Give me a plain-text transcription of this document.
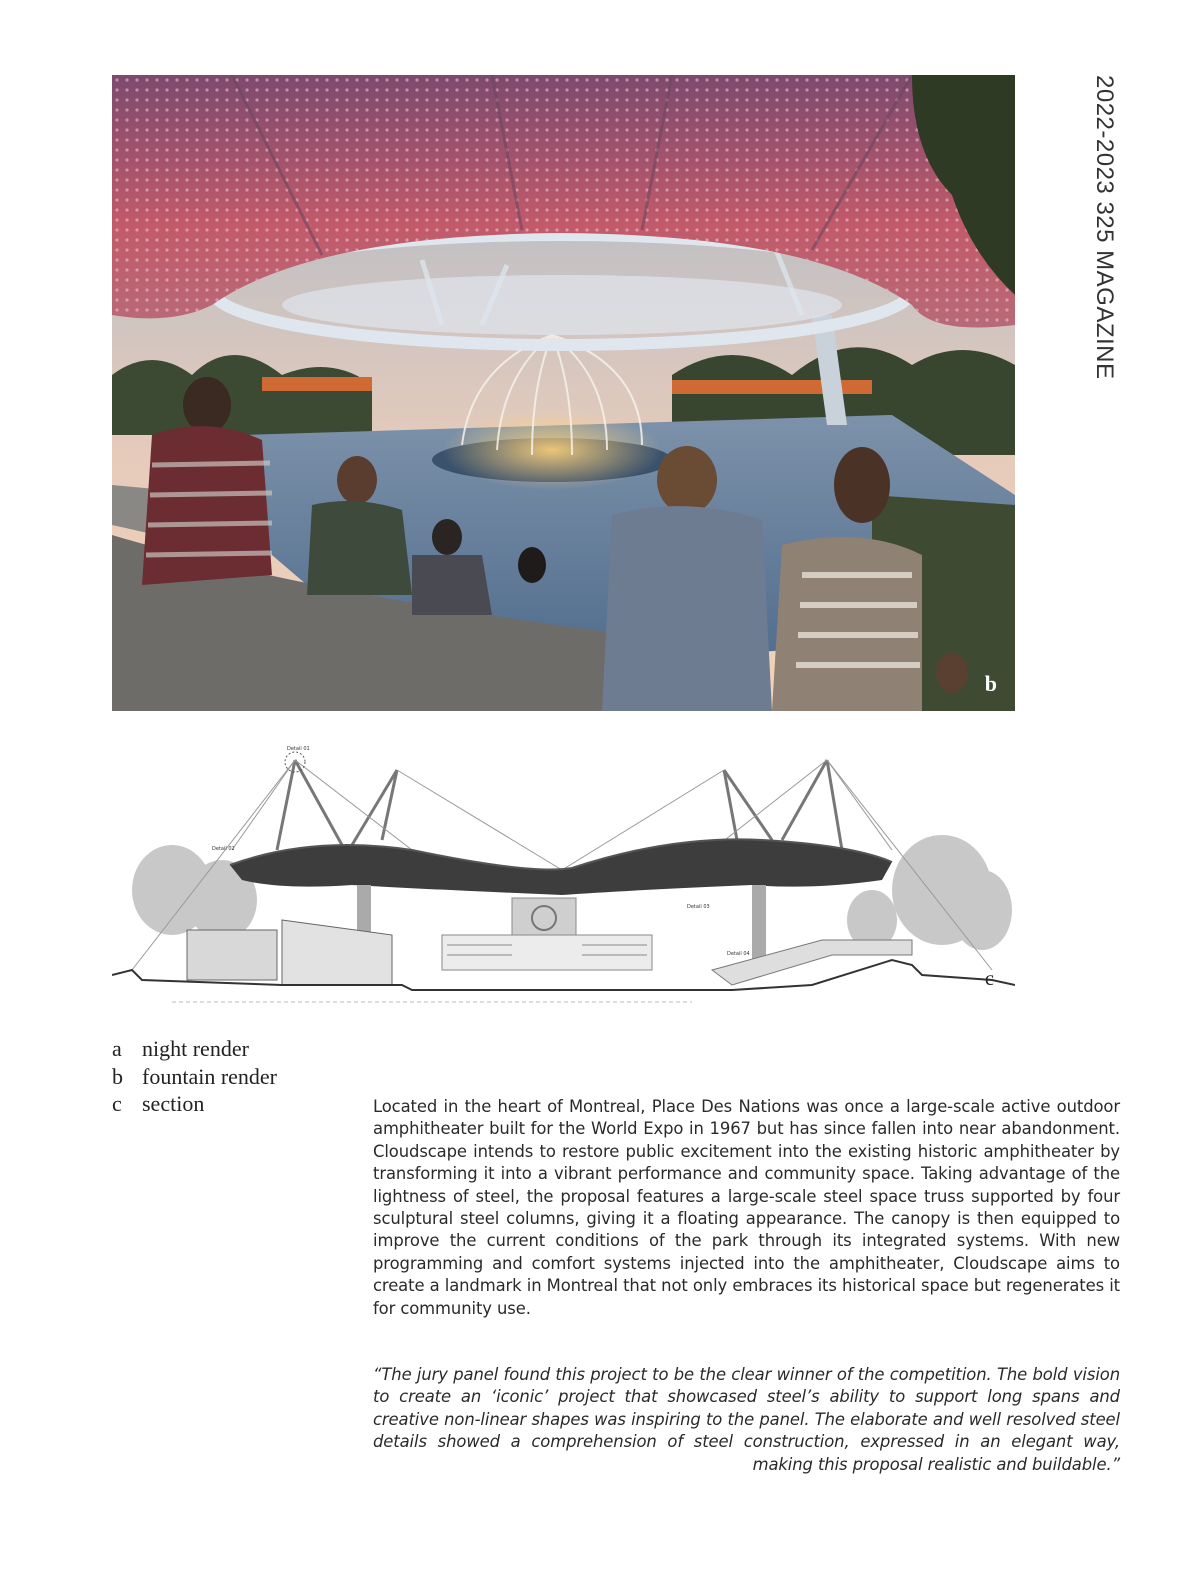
b
Detail 01
Detail 02
Detail 03
Detail 04
c
2022-2023 325 MAGAZINE
a night render
b fountain render
c section	Located in the heart of Montreal, Place Des Nations was once a large-scale active outdoor amphitheater built for the World Expo in 1967 but has since fallen into near abandonment. Cloudscape intends to restore public excitement into the existing historic amphitheater by transforming it into a vibrant performance and community space. Taking advantage of the lightness of steel, the proposal features a large-scale steel space truss supported by four sculptural steel columns, giving it a floating appearance. The canopy is then equipped to improve the current conditions of the park through its integrated systems. With new programming and comfort systems injected into the amphitheater, Cloudscape aims to create a landmark in Montreal that not only embraces its historical space but regenerates it for community use.

“The jury panel found this project to be the clear winner of the competition. The bold vision to create an ‘iconic’ project that showcased steel’s ability to support long spans and creative non-linear shapes was inspiring to the panel. The elaborate and well resolved steel details showed a comprehension of steel construction, expressed in an elegant way, making this proposal realistic and buildable.”
